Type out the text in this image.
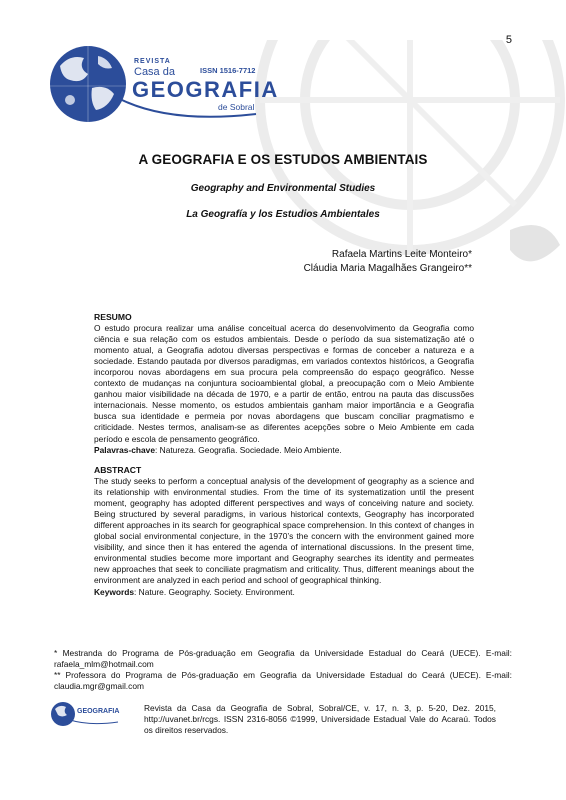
5
REVISTA
Casa da	ISSN 1516-7712
GEOGRAFIA
de Sobral
A GEOGRAFIA E OS ESTUDOS AMBIENTAIS
Geography and Environmental Studies
La Geografía y los Estudios Ambientales
Rafaela Martins Leite Monteiro*
Cláudia Maria Magalhães Grangeiro**
RESUMO

O estudo procura realizar uma análise conceitual acerca do desenvolvimento da Geografia como ciência e sua relação com os estudos ambientais. Desde o período da sua sistematização até o momento atual, a Geografia adotou diversas perspectivas e formas de conceber a natureza e a sociedade. Estando pautada por diversos paradigmas, em variados contextos históricos, a Geografia incorporou novas abordagens em sua procura pela compreensão do espaço geográfico. Nesse contexto de mudanças na conjuntura socioambiental global, a preocupação com o Meio Ambiente ganhou maior visibilidade na década de 1970, e a partir de então, entrou na pauta das discussões internacionais. Nesse momento, os estudos ambientais ganham maior importância e a Geografia busca sua identidade e permeia por novas abordagens que buscam conciliar pragmatismo e criticidade. Nestes termos, analisam-se as diferentes acepções sobre o Meio Ambiente em cada período e escola de pensamento geográfico.

Palavras-chave: Natureza. Geografia. Sociedade. Meio Ambiente.

ABSTRACT

The study seeks to perform a conceptual analysis of the development of geography as a science and its relationship with environmental studies. From the time of its systematization until the present moment, geography has adopted different perspectives and ways of conceiving nature and society. Being structured by several paradigms, in various historical contexts, Geography has incorporated different approaches in its search for geographical space comprehension. In this context of changes in global social environmental conjecture, in the 1970’s the concern with the environment gained more visibility, and since then it has entered the agenda of international discussions. In the present time, environmental studies become more important and Geography searches its identity and permeates new approaches that seek to conciliate pragmatism and criticality. Thus, different meanings about the environment are analyzed in each period and school of geographical thinking.

Keywords: Nature. Geography. Society. Environment.

* Mestranda do Programa de Pós-graduação em Geografia da Universidade Estadual do Ceará (UECE). E-mail: rafaela_mlm@hotmail.com

** Professora do Programa de Pós-graduação em Geografia da Universidade Estadual do Ceará (UECE). E-mail: claudia.mgr@gmail.com

GEOGRAFIA	Revista da Casa da Geografia de Sobral, Sobral/CE, v. 17, n. 3, p. 5-20, Dez. 2015, http://uvanet.br/rcgs. ISSN 2316-8056 ©1999, Universidade Estadual Vale do Acaraú. Todos os direitos reservados.
